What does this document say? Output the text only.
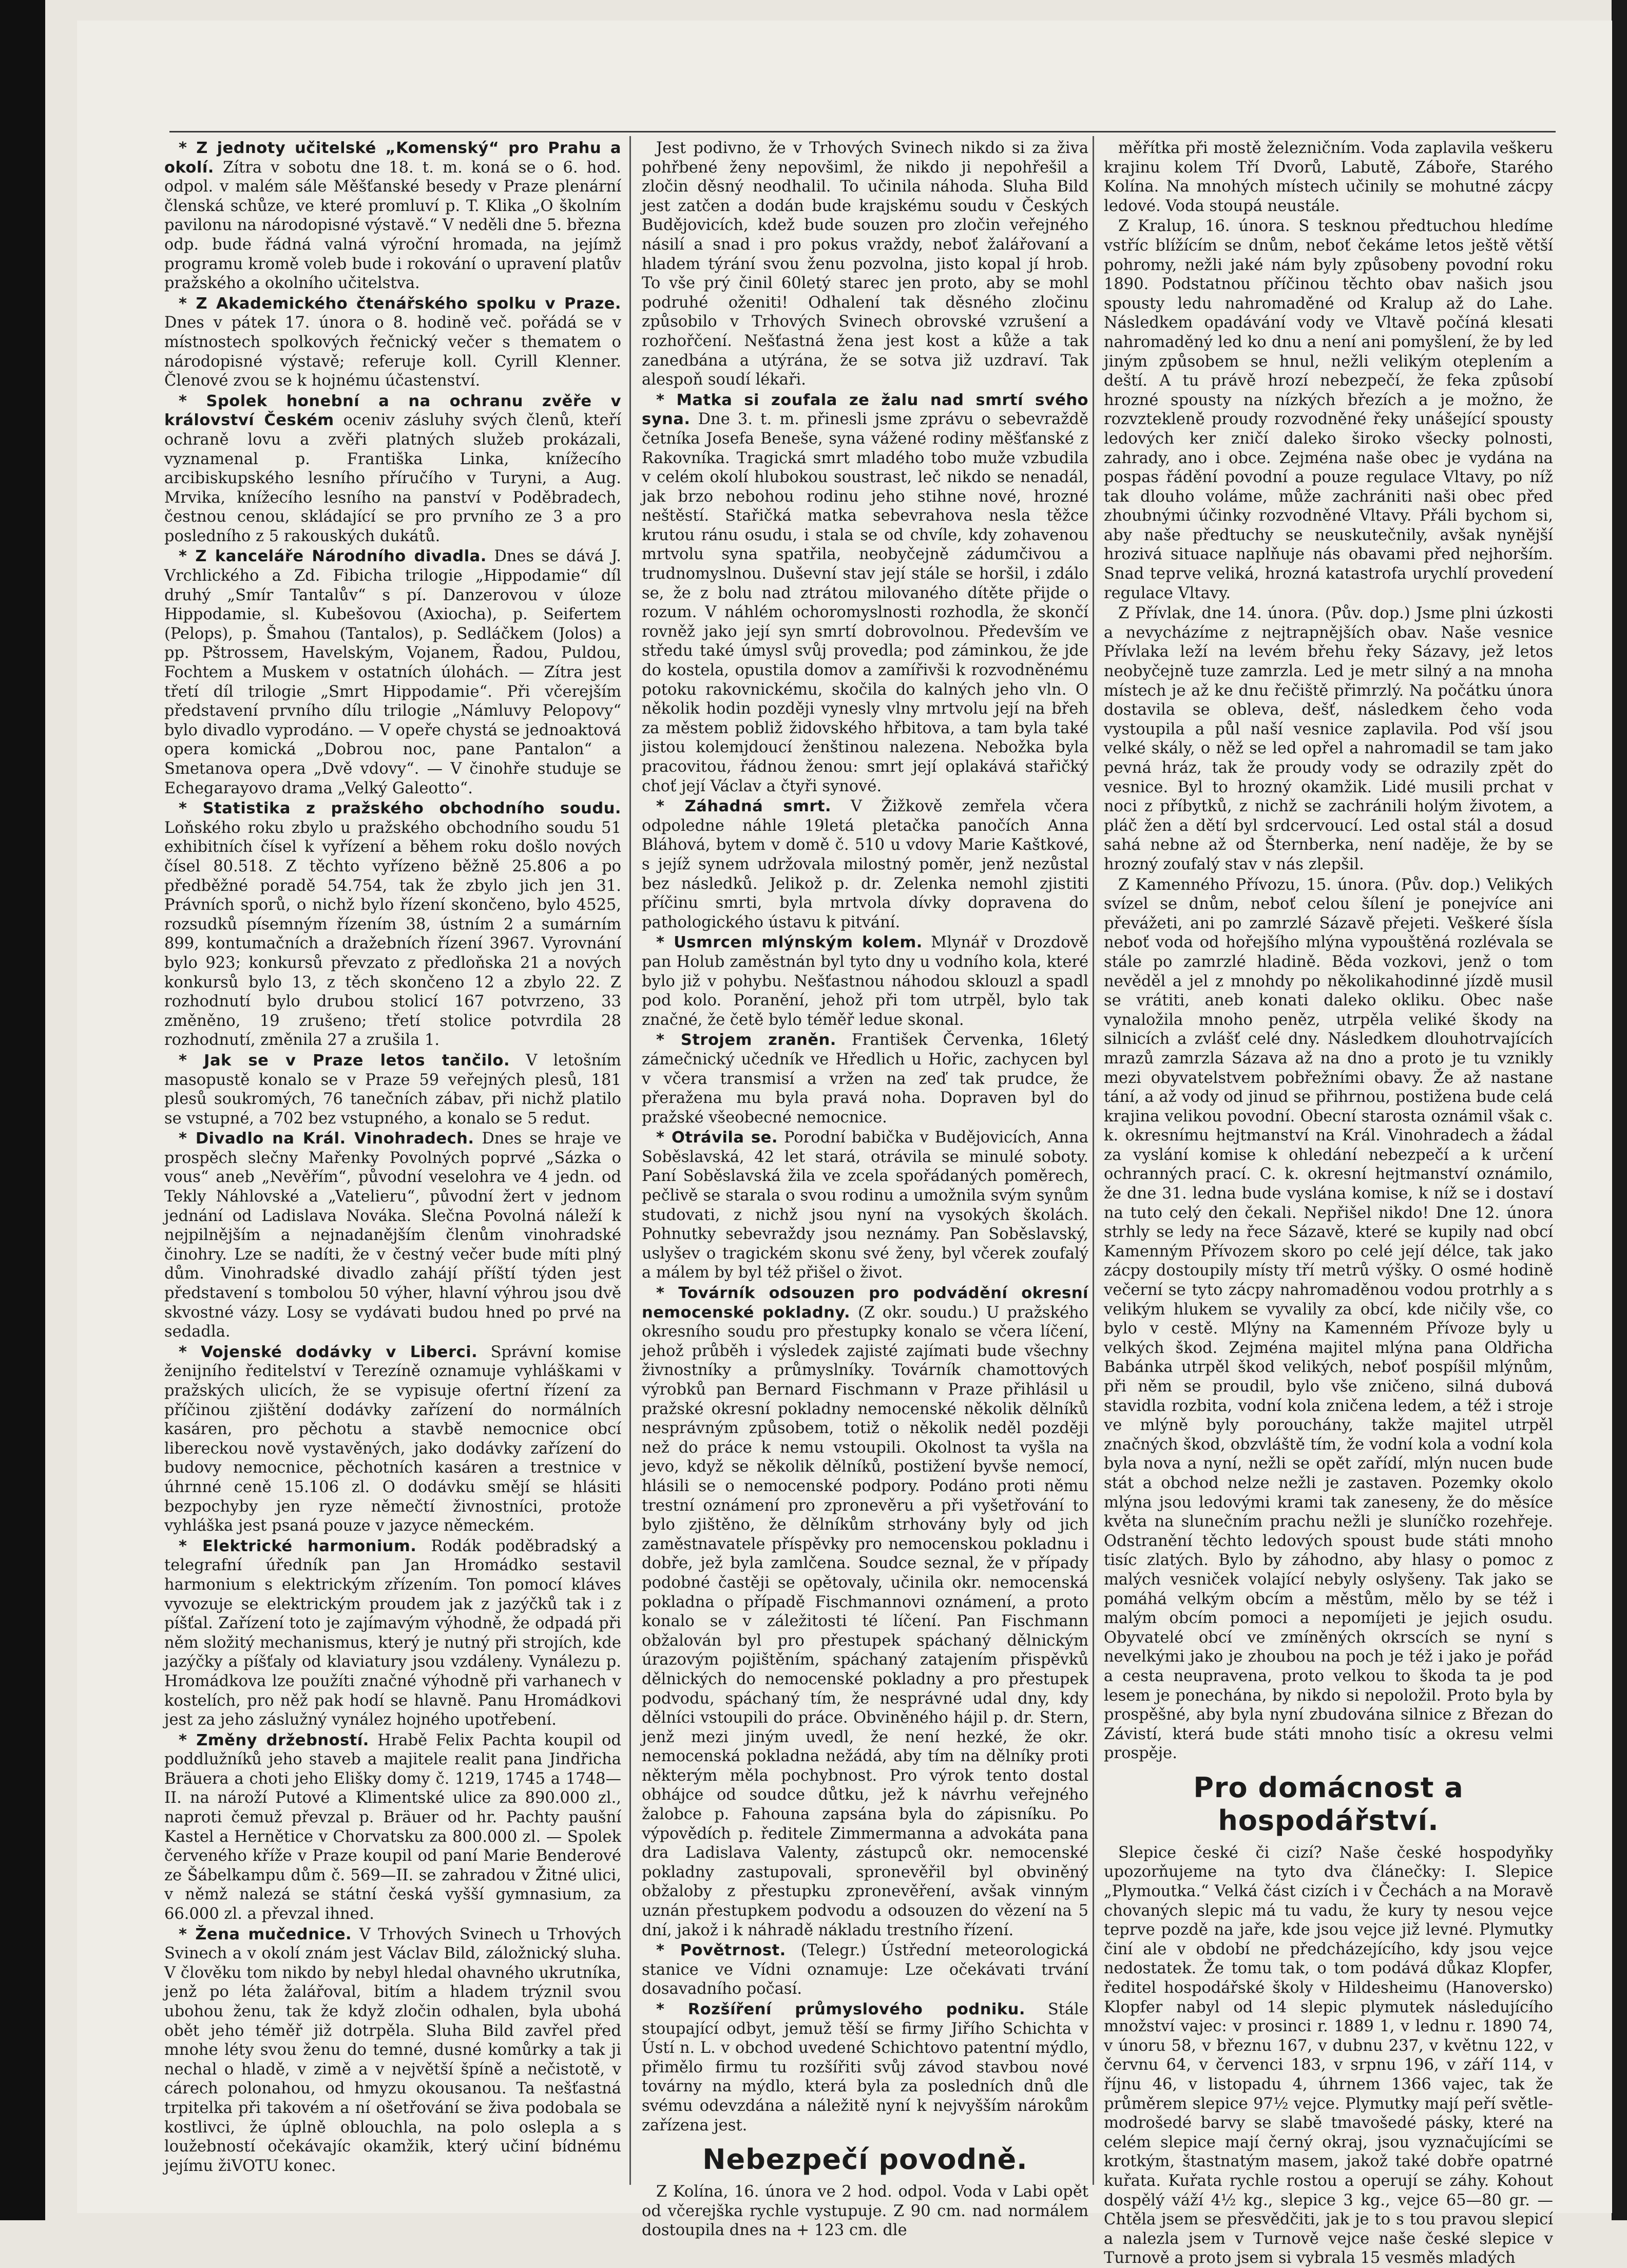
* Z jednoty učitelské „Komenský“ pro Prahu a okolí. Zítra v sobotu dne 18. t. m. koná se o 6. hod. odpol. v malém sále Měšťanské besedy v Praze plenární členská schůze, ve které promluví p. T. Klika „O školním pavilonu na národopisné výstavě.“ V neděli dne 5. března odp. bude řádná valná výroční hromada, na jejímž programu kromě voleb bude i rokování o upravení platův pražského a okolního učitelstva.

* Z Akademického čtenářského spolku v Praze. Dnes v pátek 17. února o 8. hodině več. pořádá se v místnostech spolkových řečnický večer s thematem o národopisné výstavě; referuje koll. Cyrill Klenner. Členové zvou se k hojnému účastenství.

* Spolek honební a na ochranu zvěře v království Českém oceniv zásluhy svých členů, kteří ochraně lovu a zvěři platných služeb prokázali, vyznamenal p. Františka Linka, knížecího arcibiskupského lesního příručího v Turyni, a Aug. Mrvika, knížecího lesního na panství v Poděbradech, čestnou cenou, skládající se pro prvního ze 3 a pro posledního z 5 rakouských dukátů.

* Z kanceláře Národního divadla. Dnes se dává J. Vrchlického a Zd. Fibicha trilogie „Hippodamie“ díl druhý „Smír Tantalův“ s pí. Danzerovou v úloze Hippodamie, sl. Kubešovou (Axiocha), p. Seifertem (Pelops), p. Šmahou (Tantalos), p. Sedláčkem (Jolos) a pp. Pštrossem, Havelským, Vojanem, Řadou, Puldou, Fochtem a Muskem v ostatních úlohách. — Zítra jest třetí díl trilogie „Smrt Hippodamie“. Při včerejším představení prvního dílu trilogie „Námluvy Pelopovy“ bylo divadlo vyprodáno. — V opeře chystá se jednoaktová opera komická „Dobrou noc, pane Pantalon“ a Smetanova opera „Dvě vdovy“. — V činohře studuje se Echegarayovo drama „Velký Galeotto“.

* Statistika z pražského obchodního soudu. Loňského roku zbylo u pražského obchodního soudu 51 exhibitních čísel k vyřízení a během roku došlo nových čísel 80.518. Z těchto vyřízeno běžně 25.806 a po předběžné poradě 54.754, tak že zbylo jich jen 31. Právních sporů, o nichž bylo řízení skončeno, bylo 4525, rozsudků písemným řízením 38, ústním 2 a sumárním 899, kontumačních a dražebních řízení 3967. Vyrovnání bylo 923; konkursů převzato z předloňska 21 a nových konkursů bylo 13, z těch skončeno 12 a zbylo 22. Z rozhodnutí bylo drubou stolicí 167 potvrzeno, 33 změněno, 19 zrušeno; třetí stolice potvrdila 28 rozhodnutí, změnila 27 a zrušila 1.

* Jak se v Praze letos tančilo. V letošním masopustě konalo se v Praze 59 veřejných plesů, 181 plesů soukromých, 76 tanečních zábav, při nichž platilo se vstupné, a 702 bez vstupného, a konalo se 5 redut.

* Divadlo na Král. Vinohradech. Dnes se hraje ve prospěch slečny Mařenky Povolných poprvé „Sázka o vous“ aneb „Nevěřím“, původní veselohra ve 4 jedn. od Tekly Náhlovské a „Vatelieru“, původní žert v jednom jednání od Ladislava Nováka. Slečna Povolná náleží k nejpilnějším a nejnadanějším členům vinohradské činohry. Lze se nadíti, že v čestný večer bude míti plný dům. Vinohradské divadlo zahájí příští týden jest představení s tombolou 50 výher, hlavní výhrou jsou dvě skvostné vázy. Losy se vydávati budou hned po prvé na sedadla.

* Vojenské dodávky v Liberci. Správní komise ženijního ředitelství v Terezíně oznamuje vyhláškami v pražských ulicích, že se vypisuje ofertní řízení za příčinou zjištění dodávky zařízení do normálních kasáren, pro pěchotu a stavbě nemocnice obcí libereckou nově vystavěných, jako dodávky zařízení do budovy nemocnice, pěchotních kasáren a trestnice v úhrnné ceně 15.106 zl. O dodávku smějí se hlásiti bezpochyby jen ryze němečtí živnostníci, protože vyhláška jest psaná pouze v jazyce německém.

* Elektrické harmonium. Rodák poděbradský a telegrafní úředník pan Jan Hromádko sestavil harmonium s elektrickým zřízením. Ton pomocí kláves vyvozuje se elektrickým proudem jak z jazýčků tak i z píšťal. Zařízení toto je zajímavým výhodně, že odpadá při něm složitý mechanismus, který je nutný při strojích, kde jazýčky a píšťaly od klaviatury jsou vzdáleny. Vynálezu p. Hromádkova lze použíti značné výhodně při varhanech v kostelích, pro něž pak hodí se hlavně. Panu Hromádkovi jest za jeho záslužný vynález hojného upotřebení.

* Změny držebností. Hrabě Felix Pachta koupil od poddlužníků jeho staveb a majitele realit pana Jindřicha Bräuera a choti jeho Elišky domy č. 1219, 1745 a 1748—II. na nároží Putové a Klimentské ulice za 890.000 zl., naproti čemuž převzal p. Bräuer od hr. Pachty paušní Kastel a Hernětice v Chorvatsku za 800.000 zl. — Spolek červeného kříže v Praze koupil od paní Marie Benderové ze Šábelkampu dům č. 569—II. se zahradou v Žitné ulici, v němž nalezá se státní česká vyšší gymnasium, za 66.000 zl. a převzal ihned.

* Žena mučednice. V Trhových Svinech u Trhových Svinech a v okolí znám jest Václav Bild, záložnický sluha. V člověku tom nikdo by nebyl hledal ohavného ukrutníka, jenž po léta žalářoval, bitím a hladem trýznil svou ubohou ženu, tak že když zločin odhalen, byla ubohá obět jeho téměř již dotrpěla. Sluha Bild zavřel před mnohe léty svou ženu do temné, dusné komůrky a tak ji nechal o hladě, v zimě a v největší špíně a nečistotě, v cárech polonahou, od hmyzu okousanou. Ta nešťastná trpitelka při takovém a ní ošetřování se živa podobala se kostlivci, že úplně oblouchla, na polo oslepla a s loužebností očekávajíc okamžik, který učiní bídnému jejímu žiVOTU konec.

Jest podivno, že v Trhových Svinech nikdo si za živa pohřbené ženy nepovšiml, že nikdo ji nepohřešil a zločin děsný neodhalil. To učinila náhoda. Sluha Bild jest zatčen a dodán bude krajskému soudu v Českých Budějovicích, kdež bude souzen pro zločin veřejného násilí a snad i pro pokus vraždy, neboť žalářovaní a hladem týrání svou ženu pozvolna, jisto kopal jí hrob. To vše prý činil 60letý starec jen proto, aby se mohl podruhé oženiti! Odhalení tak děsného zločinu způsobilo v Trhových Svinech obrovské vzrušení a rozhořčení. Nešťastná žena jest kost a kůže a tak zanedbána a utýrána, že se sotva již uzdraví. Tak alespoň soudí lékaři.

* Matka si zoufala ze žalu nad smrtí svého syna. Dne 3. t. m. přinesli jsme zprávu o sebevraždě četníka Josefa Beneše, syna vážené rodiny měšťanské z Rakovníka. Tragická smrt mladého tobo muže vzbudila v celém okolí hlubokou soustrast, leč nikdo se nenadál, jak brzo nebohou rodinu jeho stihne nové, hrozné neštěstí. Stařičká matka sebevrahova nesla těžce krutou ránu osudu, i stala se od chvíle, kdy zohavenou mrtvolu syna spatřila, neobyčejně zádumčivou a trudnomyslnou. Duševní stav její stále se horšil, i zdálo se, že z bolu nad ztrátou milovaného dítěte přijde o rozum. V náhlém ochoromyslnosti rozhodla, že skončí rovněž jako její syn smrtí dobrovolnou. Především ve středu také úmysl svůj provedla; pod záminkou, že jde do kostela, opustila domov a zamířivši k rozvodněnému potoku rakovnickému, skočila do kalných jeho vln. O několik hodin později vynesly vlny mrtvolu její na břeh za městem pobliž židovského hřbitova, a tam byla také jistou kolemjdoucí ženštinou nalezena. Nebožka byla pracovitou, řádnou ženou: smrt její oplakává stařičký choť její Václav a čtyři synové.

* Záhadná smrt. V Žižkově zemřela včera odpoledne náhle 19letá pletačka panočích Anna Bláhová, bytem v domě č. 510 u vdovy Marie Kaštkové, s jejíž synem udržovala milostný poměr, jenž nezůstal bez následků. Jelikož p. dr. Zelenka nemohl zjistiti příčinu smrti, byla mrtvola dívky dopravena do pathologického ústavu k pitvání.

* Usmrcen mlýnským kolem. Mlynář v Drozdově pan Holub zaměstnán byl tyto dny u vodního kola, které bylo již v pohybu. Nešťastnou náhodou sklouzl a spadl pod kolo. Poranění, jehož při tom utrpěl, bylo tak značné, že četě bylo téměř ledue skonal.

* Strojem zraněn. František Červenka, 16letý zámečnický učedník ve Hředlich u Hořic, zachycen byl v včera transmisí a vržen na zeď tak prudce, že přeražena mu byla pravá noha. Dopraven byl do pražské všeobecné nemocnice.

* Otrávila se. Porodní babička v Budějovicích, Anna Soběslavská, 42 let stará, otrávila se minulé soboty. Paní Soběslavská žila ve zcela spořádaných poměrech, pečlivě se starala o svou rodinu a umožnila svým synům studovati, z nichž jsou nyní na vysokých školách. Pohnutky sebevraždy jsou neznámy. Pan Soběslavský, uslyšev o tragickém skonu své ženy, byl včerek zoufalý a málem by byl též přišel o život.

* Továrník odsouzen pro podvádění okresní nemocenské pokladny. (Z okr. soudu.) U pražského okresního soudu pro přestupky konalo se včera líčení, jehož průběh i výsledek zajisté zajímati bude všechny živnostníky a průmyslníky. Továrník chamottových výrobků pan Bernard Fischmann v Praze přihlásil u pražské okresní pokladny nemocenské několik dělníků nesprávným způsobem, totiž o několik neděl později než do práce k nemu vstoupili. Okolnost ta vyšla na jevo, když se několik dělníků, postižení byvše nemocí, hlásili se o nemocenské podpory. Podáno proti němu trestní oznámení pro zpronevěru a při vyšetřování to bylo zjištěno, že dělníkům strhovány byly od jich zaměstnavatele příspěvky pro nemocenskou pokladnu i dobře, jež byla zamlčena. Soudce seznal, že v případy podobné častěji se opětovaly, učinila okr. nemocenská pokladna o případě Fischmannovi oznámení, a proto konalo se v záležitosti té líčení. Pan Fischmann obžalován byl pro přestupek spáchaný dělnickým úrazovým pojištěním, spáchaný zatajením přispěvků dělnických do nemocenské pokladny a pro přestupek podvodu, spáchaný tím, že nesprávné udal dny, kdy dělníci vstoupili do práce. Obviněného hájil p. dr. Stern, jenž mezi jiným uvedl, že není hezké, že okr. nemocenská pokladna nežádá, aby tím na dělníky proti některým měla pochybnost. Pro výrok tento dostal obhájce od soudce důtku, jež k návrhu veřejného žalobce p. Fahouna zapsána byla do zápisníku. Po výpovědích p. ředitele Zimmermanna a advokáta pana dra Ladislava Valenty, zástupců okr. nemocenské pokladny zastupovali, spronevěřil byl obviněný obžaloby z přestupku zpronevěření, avšak vinným uznán přestupkem podvodu a odsouzen do vězení na 5 dní, jakož i k náhradě nákladu trestního řízení.

* Povětrnost. (Telegr.) Ústřední meteorologická stanice ve Vídni oznamuje: Lze očekávati trvání dosavadního počasí.

* Rozšíření průmyslového podniku. Stále stoupající odbyt, jemuž těší se firmy Jiřího Schichta v Ústí n. L. v obchod uvedené Schichtovo patentní mýdlo, přimělo firmu tu rozšířiti svůj závod stavbou nové továrny na mýdlo, která byla za posledních dnů dle svému odevzdána a náležitě nyní k nejvyšším nárokům zařízena jest.

Nebezpečí povodně.

Z Kolína, 16. února ve 2 hod. odpol. Voda v Labi opět od včerejška rychle vystupuje. Z 90 cm. nad normálem dostoupila dnes na + 123 cm. dle

měřítka při mostě železničním. Voda zaplavila veškeru krajinu kolem Tří Dvorů, Labutě, Záboře, Starého Kolína. Na mnohých místech učinily se mohutné zácpy ledové. Voda stoupá neustále.

Z Kralup, 16. února. S tesknou předtuchou hledíme vstříc blížícím se dnům, neboť čekáme letos ještě větší pohromy, nežli jaké nám byly způsobeny povodní roku 1890. Podstatnou příčinou těchto obav našich jsou spousty ledu nahromaděné od Kralup až do Lahe. Následkem opadávání vody ve Vltavě počíná klesati nahromaděný led ko dnu a není ani pomyšlení, že by led jiným způsobem se hnul, nežli velikým oteplením a deští. A tu právě hrozí nebezpečí, že feka způsobí hrozné spousty na nízkých březích a je možno, že rozvztekleně proudy rozvodněné řeky unášející spousty ledových ker zničí daleko široko všecky polnosti, zahrady, ano i obce. Zejména naše obec je vydána na pospas řádění povodní a pouze regulace Vltavy, po níž tak dlouho voláme, může zachrániti naši obec před zhoubnými účinky rozvodněné Vltavy. Přáli bychom si, aby naše předtuchy se neuskutečnily, avšak nynější hrozivá situace naplňuje nás obavami před nejhorším. Snad teprve veliká, hrozná katastrofa urychlí provedení regulace Vltavy.

Z Přívlak, dne 14. února. (Pův. dop.) Jsme plni úzkosti a nevycházíme z nejtrapnějších obav. Naše vesnice Přívlaka leží na levém břehu řeky Sázavy, jež letos neobyčejně tuze zamrzla. Led je metr silný a na mnoha místech je až ke dnu řečiště přimrzlý. Na počátku února dostavila se obleva, dešť, následkem čeho voda vystoupila a půl naší vesnice zaplavila. Pod vší jsou velké skály, o něž se led opřel a nahromadil se tam jako pevná hráz, tak že proudy vody se odrazily zpět do vesnice. Byl to hrozný okamžik. Lidé musili prchat v noci z příbytků, z nichž se zachránili holým životem, a pláč žen a dětí byl srdcervoucí. Led ostal stál a dosud sahá nebne až od Šternberka, není naděje, že by se hrozný zoufalý stav v nás zlepšil.

Z Kamenného Přívozu, 15. února. (Pův. dop.) Velikých svízel se dnům, neboť celou šílení je ponejvíce ani převážeti, ani po zamrzlé Sázavě přejeti. Veškeré šísla neboť voda od hořejšího mlýna vypouštěná rozlévala se stále po zamrzlé hladině. Běda vozkovi, jenž o tom nevěděl a jel z mnohdy po několikahodinné jízdě musil se vrátiti, aneb konati daleko okliku. Obec naše vynaložila mnoho peněz, utrpěla veliké škody na silnicích a zvlášť celé dny. Následkem dlouhotrvajících mrazů zamrzla Sázava až na dno a proto je tu vznikly mezi obyvatelstvem pobřežními obavy. Že až nastane tání, a až vody od jinud se přihrnou, postižena bude celá krajina velikou povodní. Obecní starosta oznámil však c. k. okresnímu hejtmanství na Král. Vinohradech a žádal za vyslání komise k ohledání nebezpečí a k určení ochranných prací. C. k. okresní hejtmanství oznámilo, že dne 31. ledna bude vyslána komise, k níž se i dostaví na tuto celý den čekali. Nepřišel nikdo! Dne 12. února strhly se ledy na řece Sázavě, které se kupily nad obcí Kamenným Přívozem skoro po celé její délce, tak jako zácpy dostoupily místy tří metrů výšky. O osmé hodině večerní se tyto zácpy nahromaděnou vodou protrhly a s velikým hlukem se vyvalily za obcí, kde ničily vše, co bylo v cestě. Mlýny na Kamenném Přívoze byly u velkých škod. Zejména majitel mlýna pana Oldřicha Babánka utrpěl škod velikých, neboť pospíšil mlýnům, při něm se proudil, bylo vše zničeno, silná dubová stavidla rozbita, vodní kola zničena ledem, a též i stroje ve mlýně byly porouchány, takže majitel utrpěl značných škod, obzvláště tím, že vodní kola a vodní kola byla nova a nyní, nežli se opět zařídí, mlýn nucen bude stát a obchod nelze nežli je zastaven. Pozemky okolo mlýna jsou ledovými krami tak zaneseny, že do měsíce květa na slunečním prachu nežli je sluníčko rozehřeje. Odstranění těchto ledových spoust bude státi mnoho tisíc zlatých. Bylo by záhodno, aby hlasy o pomoc z malých vesniček volající nebyly oslyšeny. Tak jako se pomáhá velkým obcím a městům, mělo by se též i malým obcím pomoci a nepomíjeti je jejich osudu. Obyvatelé obcí ve zmíněných okrscích se nyní s nevelkými jako je zhoubou na poch je též i jako je pořád a cesta neupravena, proto velkou to škoda ta je pod lesem je ponechána, by nikdo si nepoložil. Proto byla by prospěšné, aby byla nyní zbudována silnice z Březan do Závistí, která bude státi mnoho tisíc a okresu velmi prospěje.

Pro domácnost a hospodářství.

Slepice české či cizí? Naše české hospodyňky upozorňujeme na tyto dva článečky: I. Slepice „Plymoutka.“ Velká část cizích i v Čechách a na Moravě chovaných slepic má tu vadu, že kury ty nesou vejce teprve pozdě na jaře, kde jsou vejce již levné. Plymutky činí ale v období ne předcházejícího, kdy jsou vejce nedostatek. Že tomu tak, o tom podává důkaz Klopfer, ředitel hospodářské školy v Hildesheimu (Hanoversko) Klopfer nabyl od 14 slepic plymutek následujícího množství vajec: v prosinci r. 1889 1, v lednu r. 1890 74, v únoru 58, v březnu 167, v dubnu 237, v květnu 122, v červnu 64, v červenci 183, v srpnu 196, v září 114, v říjnu 46, v listopadu 4, úhrnem 1366 vajec, tak že průměrem slepice 97½ vejce. Plymutky mají peří světle-modrošedé barvy se slabě tmavošedé pásky, které na celém slepice mají černý okraj, jsou vyznačujícími se krotkým, štastnatým masem, jakož také dobře opatrné kuřata. Kuřata rychle rostou a operují se záhy. Kohout dospělý váží 4½ kg., slepice 3 kg., vejce 65—80 gr. — Chtěla jsem se přesvědčiti, jak je to s tou pravou slepicí a nalezla jsem v Turnově vejce naše české slepice v Turnově a proto jsem si vybrala 15 vesměs mladých
